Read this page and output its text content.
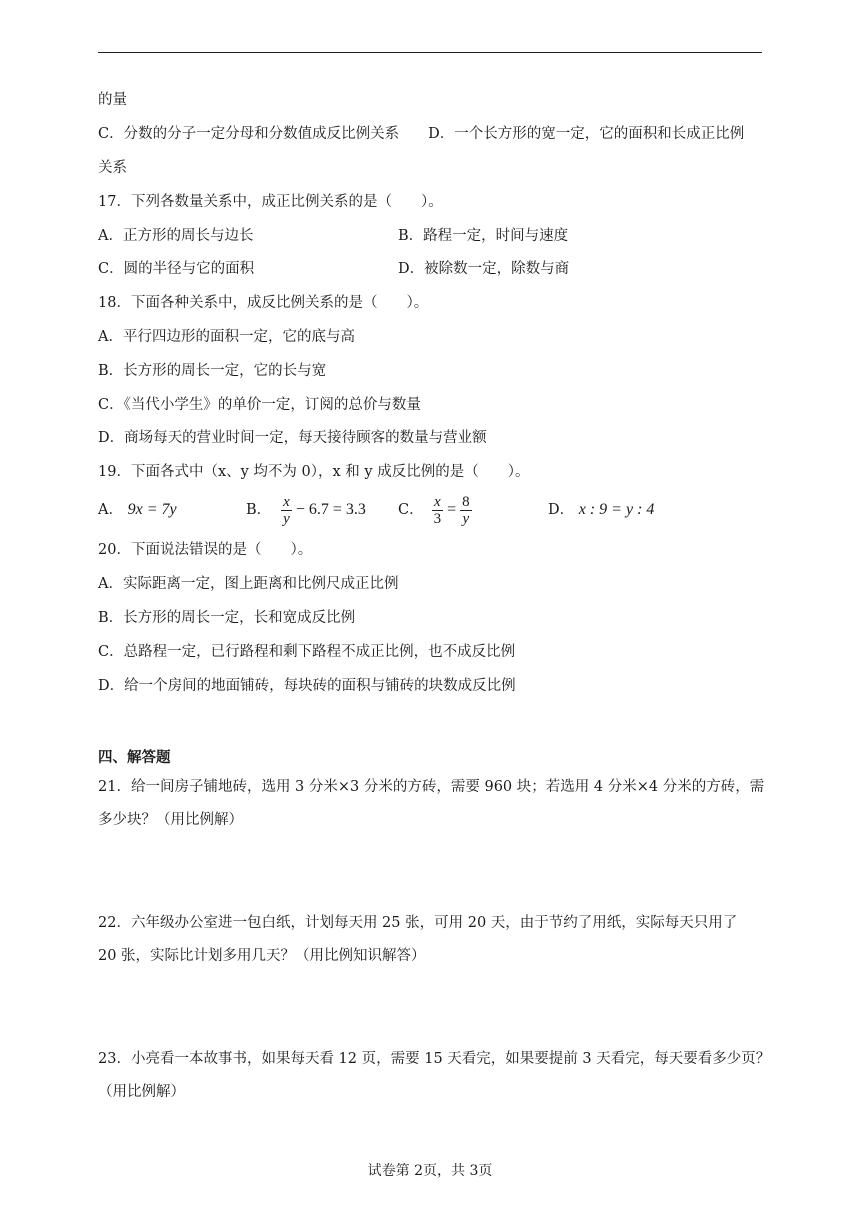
的量
C．分数的分子一定分母和分数值成反比例关系　　D．一个长方形的宽一定，它的面积和长成正比例
关系
17．下列各数量关系中，成正比例关系的是（　　）。
A．正方形的周长与边长	B．路程一定，时间与速度
C．圆的半径与它的面积	D．被除数一定，除数与商
18．下面各种关系中，成反比例关系的是（　　）。
A．平行四边形的面积一定，它的底与高
B．长方形的周长一定，它的长与宽
C．《当代小学生》的单价一定，订阅的总价与数量
D．商场每天的营业时间一定，每天接待顾客的数量与营业额
19．下面各式中（x、y 均不为 0），x 和 y 成反比例的是（　　）。
A． 9x = 7y	B． $\frac{x}{y} - 6.7 = 3.3$ C． $\frac{x}{3} = \frac{8}{y}$	D． x : 9 = y : 4
20．下面说法错误的是（　　）。
A．实际距离一定，图上距离和比例尺成正比例
B．长方形的周长一定，长和宽成反比例
C．总路程一定，已行路程和剩下路程不成正比例，也不成反比例
D．给一个房间的地面铺砖，每块砖的面积与铺砖的块数成反比例
四、解答题
21．给一间房子铺地砖，选用 3 分米×3 分米的方砖，需要 960 块；若选用 4 分米×4 分米的方砖，需
多少块？（用比例解）
22．六年级办公室进一包白纸，计划每天用 25 张，可用 20 天，由于节约了用纸，实际每天只用了
20 张，实际比计划多用几天？（用比例知识解答）
23．小亮看一本故事书，如果每天看 12 页，需要 15 天看完，如果要提前 3 天看完，每天要看多少页？
（用比例解）
试卷第 2页，共 3页
